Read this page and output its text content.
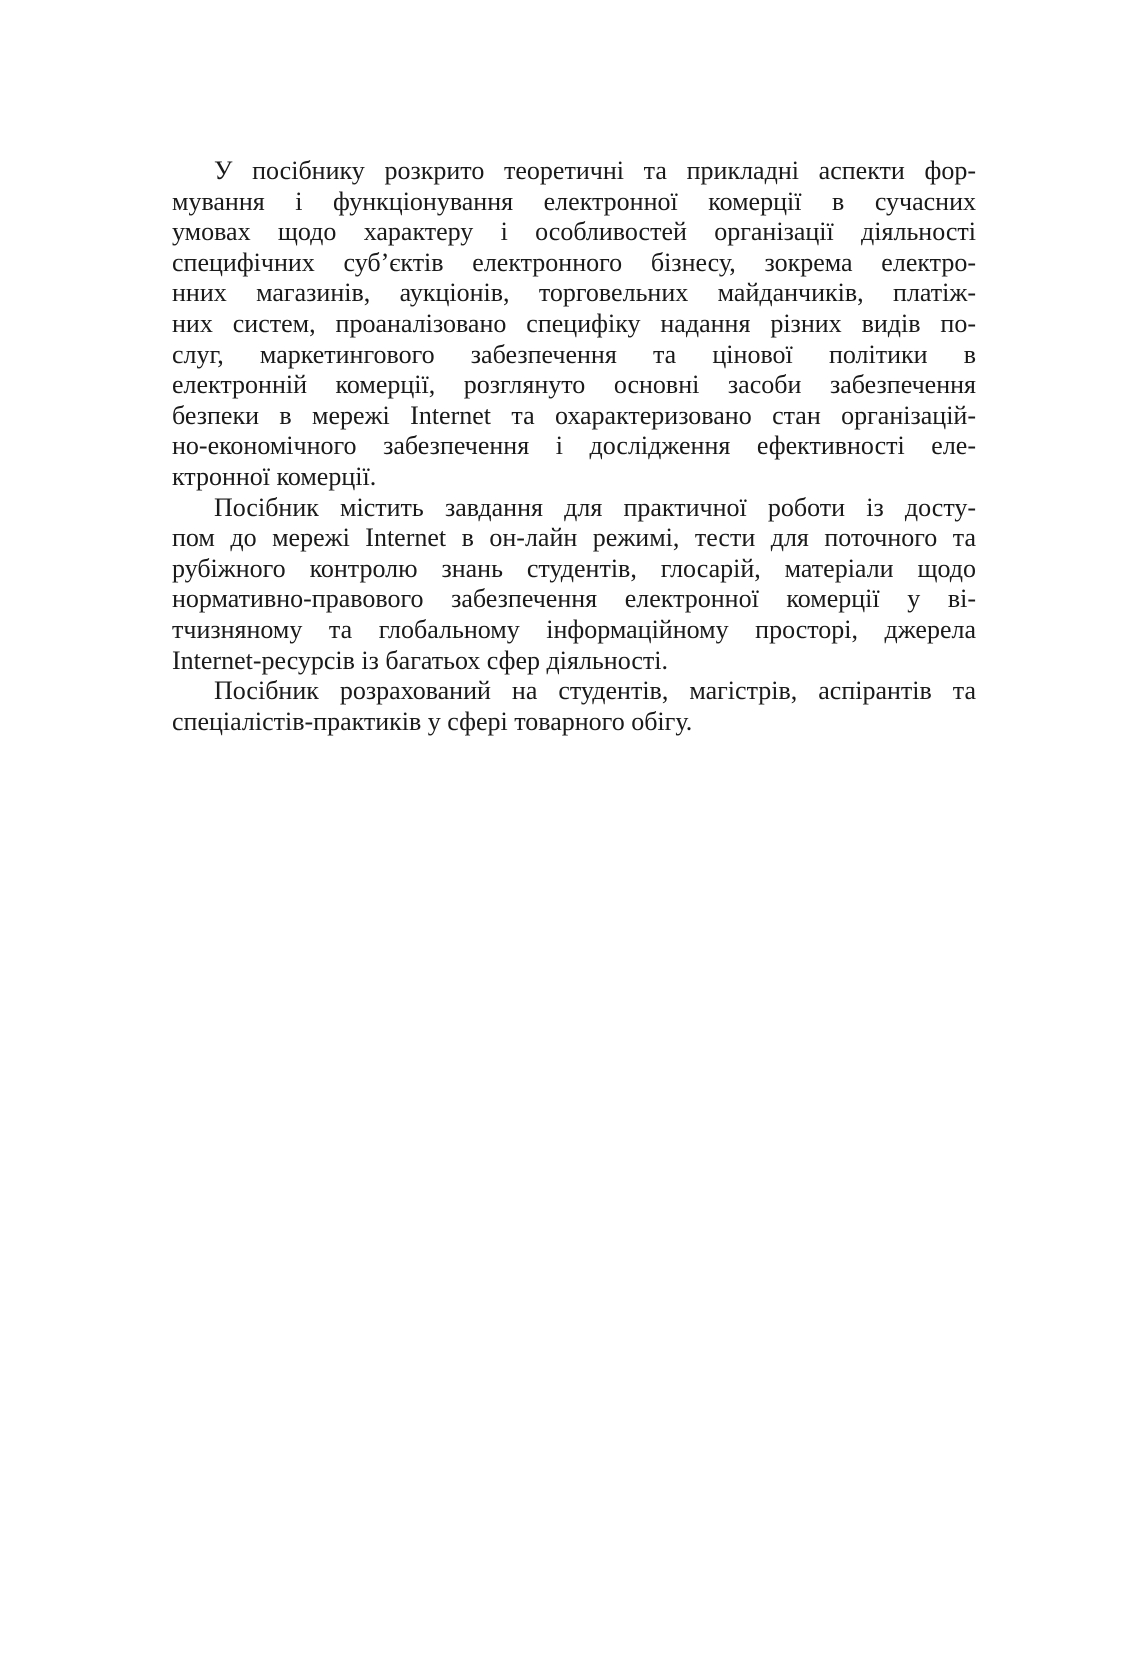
У посібнику розкрито теоретичні та прикладні аспекти фор-
мування і функціонування електронної комерції в сучасних
умовах щодо характеру і особливостей організації діяльності
специфічних суб’єктів електронного бізнесу, зокрема електро-
нних магазинів, аукціонів, торговельних майданчиків, платіж-
них систем, проаналізовано специфіку надання різних видів по-
слуг, маркетингового забезпечення та цінової політики в
електронній комерції, розглянуто основні засоби забезпечення
безпеки в мережі Internet та охарактеризовано стан організацій-
но-економічного забезпечення і дослідження ефективності еле-
ктронної комерції.
Посібник містить завдання для практичної роботи із досту-
пом до мережі Internet в он-лайн режимі, тести для поточного та
рубіжного контролю знань студентів, глосарій, матеріали щодо
нормативно-правового забезпечення електронної комерції у ві-
тчизняному та глобальному інформаційному просторі, джерела
Internet-ресурсів із багатьох сфер діяльності.
Посібник розрахований на студентів, магістрів, аспірантів та
спеціалістів-практиків у сфері товарного обігу.
